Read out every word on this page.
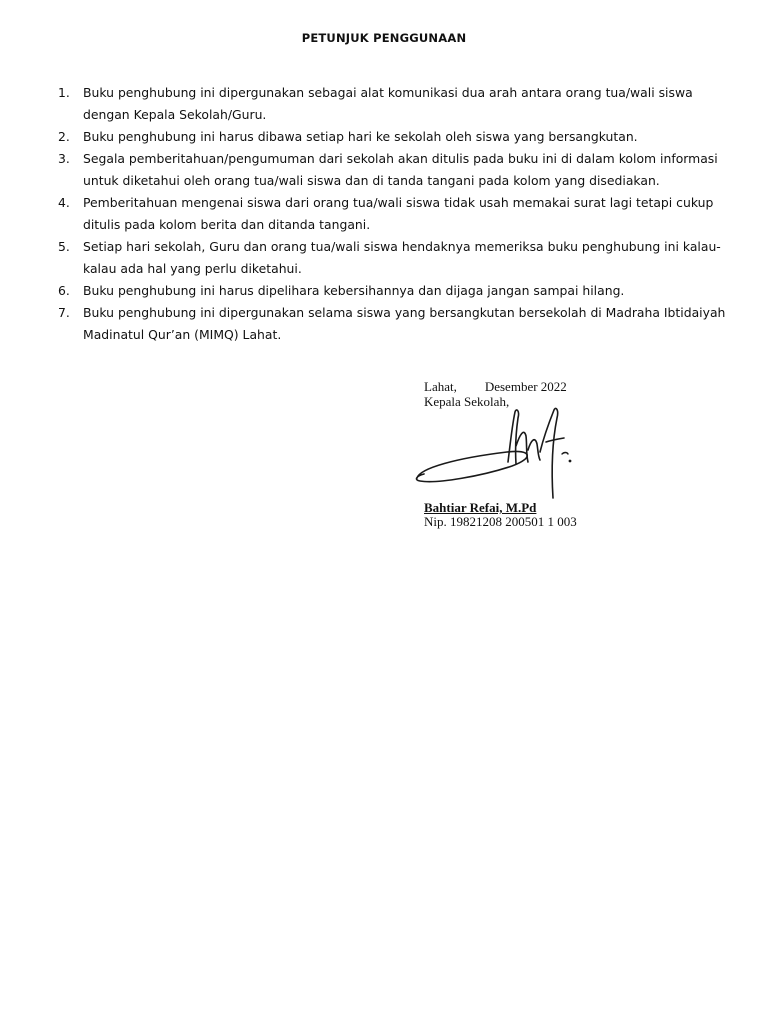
PETUNJUK PENGGUNAAN
1. Buku penghubung ini dipergunakan sebagai alat komunikasi dua arah antara orang tua/wali siswa dengan Kepala Sekolah/Guru.
2. Buku penghubung ini harus dibawa setiap hari ke sekolah oleh siswa yang bersangkutan.
3. Segala pemberitahuan/pengumuman dari sekolah akan ditulis pada buku ini di dalam kolom informasi untuk diketahui oleh orang tua/wali siswa dan di tanda tangani pada kolom yang disediakan.
4. Pemberitahuan mengenai siswa dari orang tua/wali siswa tidak usah memakai surat lagi tetapi cukup ditulis pada kolom berita dan ditanda tangani.
5. Setiap hari sekolah, Guru dan orang tua/wali siswa hendaknya memeriksa buku penghubung ini kalau-kalau ada hal yang perlu diketahui.
6. Buku penghubung ini harus dipelihara kebersihannya dan dijaga jangan sampai hilang.
7. Buku penghubung ini dipergunakan selama siswa yang bersangkutan bersekolah di Madraha Ibtidaiyah Madinatul Qur’an (MIMQ) Lahat.
Lahat, Desember 2022
Kepala Sekolah,
Bahtiar Refai, M.Pd
Nip. 19821208 200501 1 003
